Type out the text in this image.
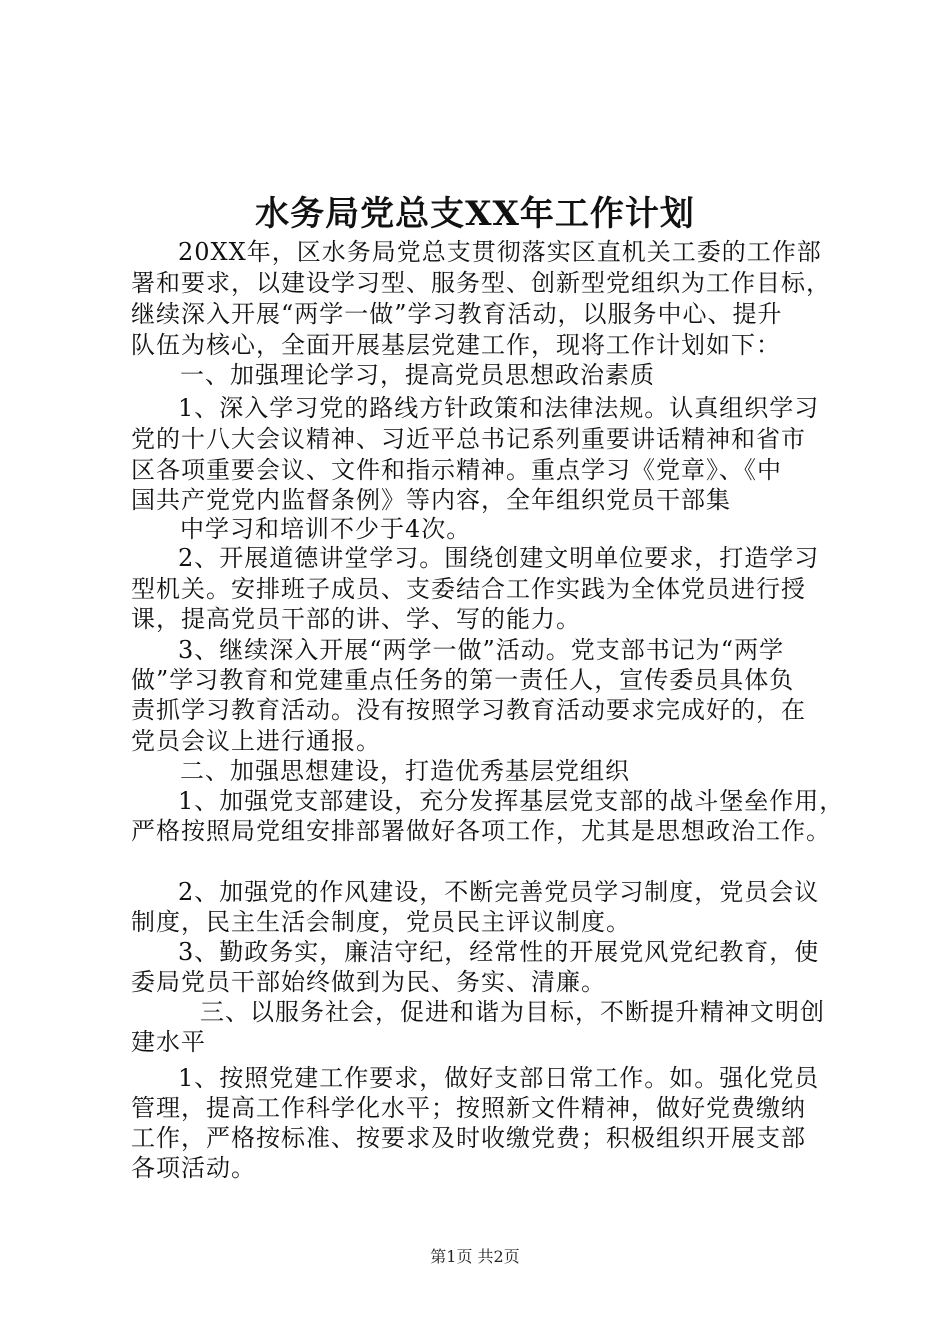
水务局党总支XX年工作计划
20XX年，区水务局党总支贯彻落实区直机关工委的工作部
署和要求，以建设学习型、服务型、创新型党组织为工作目标，
继续深入开展“两学一做”学习教育活动，以服务中心、提升
队伍为核心，全面开展基层党建工作，现将工作计划如下：
一、加强理论学习，提高党员思想政治素质
1、深入学习党的路线方针政策和法律法规。认真组织学习
党的十八大会议精神、习近平总书记系列重要讲话精神和省市
区各项重要会议、文件和指示精神。重点学习《党章》、《中
国共产党党内监督条例》等内容，全年组织党员干部集
中学习和培训不少于4次。
2、开展道德讲堂学习。围绕创建文明单位要求，打造学习
型机关。安排班子成员、支委结合工作实践为全体党员进行授
课，提高党员干部的讲、学、写的能力。
3、继续深入开展“两学一做”活动。党支部书记为“两学
做”学习教育和党建重点任务的第一责任人，宣传委员具体负
责抓学习教育活动。没有按照学习教育活动要求完成好的，在
党员会议上进行通报。
二、加强思想建设，打造优秀基层党组织
1、加强党支部建设，充分发挥基层党支部的战斗堡垒作用，
严格按照局党组安排部署做好各项工作，尤其是思想政治工作。
2、加强党的作风建设，不断完善党员学习制度，党员会议
制度，民主生活会制度，党员民主评议制度。
3、勤政务实，廉洁守纪，经常性的开展党风党纪教育，使
委局党员干部始终做到为民、务实、清廉。
三、以服务社会，促进和谐为目标，不断提升精神文明创
建水平
1、按照党建工作要求，做好支部日常工作。如。强化党员
管理，提高工作科学化水平；按照新文件精神，做好党费缴纳
工作，严格按标准、按要求及时收缴党费；积极组织开展支部
各项活动。
第1页 共2页
